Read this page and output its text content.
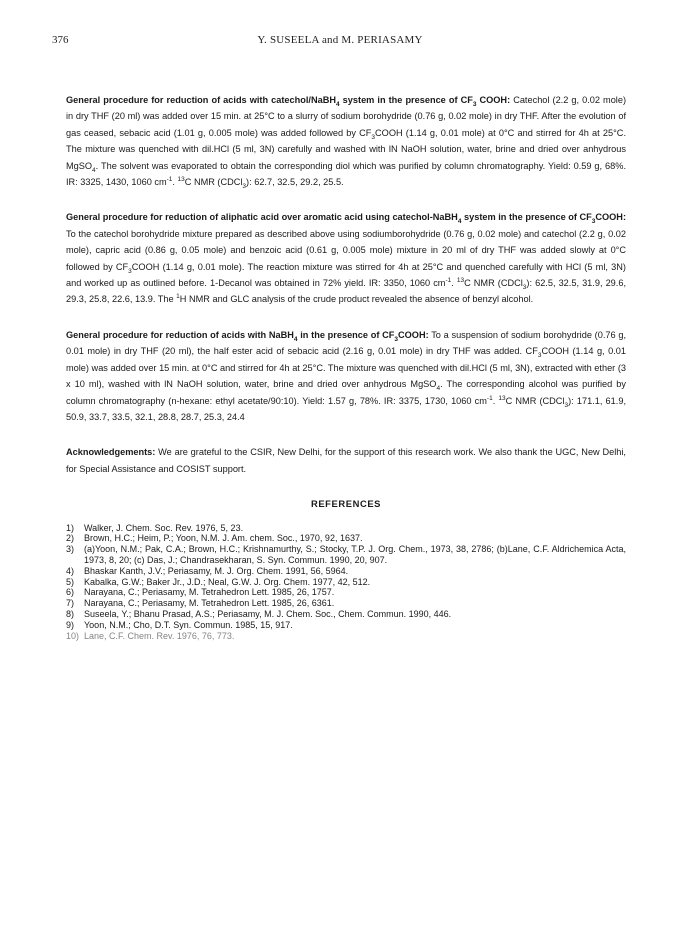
376	Y. SUSEELA and M. PERIASAMY

General procedure for reduction of acids with catechol/NaBH$_4$ system in the presence of $CF_3$ COOH: Catechol (2.2 g, 0.02 mole) in dry THF (20 ml) was added over 15 min. at 25°C to a slurry of sodium borohydride (0.76 g, 0.02 mole) in dry THF. After the evolution of gas ceased, sebacic acid (1.01 g, 0.005 mole) was added followed by $CF_3COOH$ (1.14 g, 0.01 mole) at 0°C and stirred for 4h at 25°C. The mixture was quenched with dil.HCl (5 ml, 3N) carefully and washed with lN NaOH solution, water, brine and dried over anhydrous MgSO$_4$. The solvent was evaporated to obtain the corresponding diol which was purified by column chromatography. Yield: 0.59 g, 68%. IR: 3325, 1430, 1060 $cm^{-1}$. $^{13}$C NMR (CDCl$_3$): 62.7, 32.5, 29.2, 25.5.

General procedure for reduction of aliphatic acid over aromatic acid using catechol-NaBH$_4$ system in the presence of $CF_3COOH$: To the catechol borohydride mixture prepared as described above using sodiumborohydride (0.76 g, 0.02 mole) and catechol (2.2 g, 0.02 mole), capric acid (0.86 g, 0.05 mole) and benzoic acid (0.61 g, 0.005 mole) mixture in 20 ml of dry THF was added slowly at 0°C followed by $CF_3COOH$ (1.14 g, 0.01 mole). The reaction mixture was stirred for 4h at 25°C and quenched carefully with HCl (5 ml, 3N) and worked up as outlined before. 1-Decanol was obtained in 72% yield. IR: 3350, 1060 $cm^{-1}$. $^{13}$C NMR (CDCl$_3$): 62.5, 32.5, 31.9, 29.6, 29.3, 25.8, 22.6, 13.9. The $^1$H NMR and GLC analysis of the crude product revealed the absence of benzyl alcohol.

General procedure for reduction of acids with NaBH$_4$ in the presence of $CF_3COOH$: To a suspension of sodium borohydride (0.76 g, 0.01 mole) in dry THF (20 ml), the half ester acid of sebacic acid (2.16 g, 0.01 mole) in dry THF was added. $CF_3COOH$ (1.14 g, 0.01 mole) was added over 15 min. at 0°C and stirred for 4h at 25°C. The mixture was quenched with dil.HCl (5 ml, 3N), extracted with ether (3 x 10 ml), washed with lN NaOH solution, water, brine and dried over anhydrous MgSO$_4$. The corresponding alcohol was purified by column chromatography (n-hexane: ethyl acetate/90:10). Yield: 1.57 g, 78%. IR: 3375, 1730, 1060 $cm^{-1}$. $^{13}$C NMR (CDCl$_3$): 171.1, 61.9, 50.9, 33.7, 33.5, 32.1, 28.8, 28.7, 25.3, 24.4

Acknowledgements: We are grateful to the CSIR, New Delhi, for the support of this research work. We also thank the UGC, New Delhi, for Special Assistance and COSIST support.

REFERENCES
1)	Walker, J. Chem. Soc. Rev. 1976, 5, 23.
2)	Brown, H.C.; Heim, P.; Yoon, N.M. J. Am. chem. Soc., 1970, 92, 1637.
3)	(a)Yoon, N.M.; Pak, C.A.; Brown, H.C.; Krishnamurthy, S.; Stocky, T.P. J. Org. Chem., 1973, 38, 2786; (b)Lane, C.F. Aldrichemica Acta, 1973, 8, 20; (c) Das, J.; Chandrasekharan, S. Syn. Commun. 1990, 20, 907.
4)	Bhaskar Kanth, J.V.; Periasamy, M. J. Org. Chem. 1991, 56, 5964.
5)	Kabalka, G.W.; Baker Jr., J.D.; Neal, G.W. J. Org. Chem. 1977, 42, 512.
6)	Narayana, C.; Periasamy, M. Tetrahedron Lett. 1985, 26, 1757.
7)	Narayana, C.; Periasamy, M. Tetrahedron Lett. 1985, 26, 6361.
8)	Suseela, Y.; Bhanu Prasad, A.S.; Periasamy, M. J. Chem. Soc., Chem. Commun. 1990, 446.
9)	Yoon, N.M.; Cho, D.T. Syn. Commun. 1985, 15, 917.
10) Lane, C.F. Chem. Rev. 1976, 76, 773.
